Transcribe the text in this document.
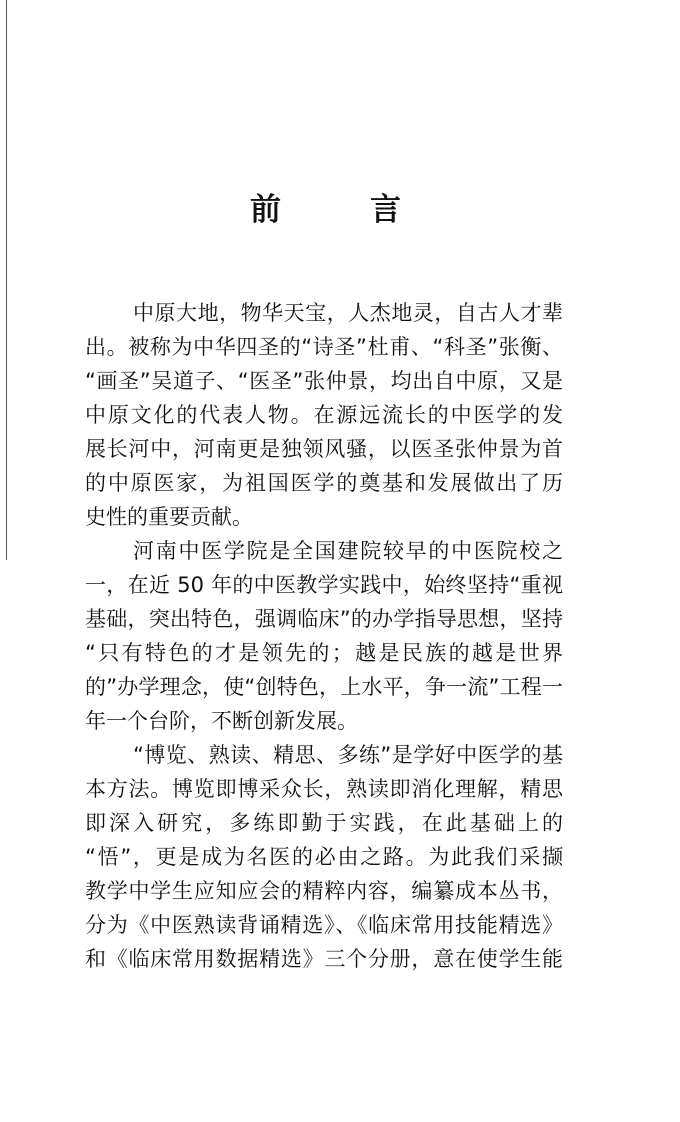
前	言
中原大地，物华天宝，人杰地灵，自古人才辈
出。被称为中华四圣的“诗圣”杜甫、“科圣”张衡、
“画圣”吴道子、“医圣”张仲景，均出自中原，又是
中原文化的代表人物。在源远流长的中医学的发
展长河中，河南更是独领风骚，以医圣张仲景为首
的中原医家，为祖国医学的奠基和发展做出了历
史性的重要贡献。
河南中医学院是全国建院较早的中医院校之
一，在近 50 年的中医教学实践中，始终坚持“重视
基础，突出特色，强调临床”的办学指导思想，坚持
“只有特色的才是领先的；越是民族的越是世界
的”办学理念，使“创特色，上水平，争一流”工程一
年一个台阶，不断创新发展。
“博览、熟读、精思、多练”是学好中医学的基
本方法。博览即博采众长，熟读即消化理解，精思
即深入研究，多练即勤于实践，在此基础上的
“悟”，更是成为名医的必由之路。为此我们采撷
教学中学生应知应会的精粹内容，编纂成本丛书，
分为《中医熟读背诵精选》、《临床常用技能精选》
和《临床常用数据精选》三个分册，意在使学生能
